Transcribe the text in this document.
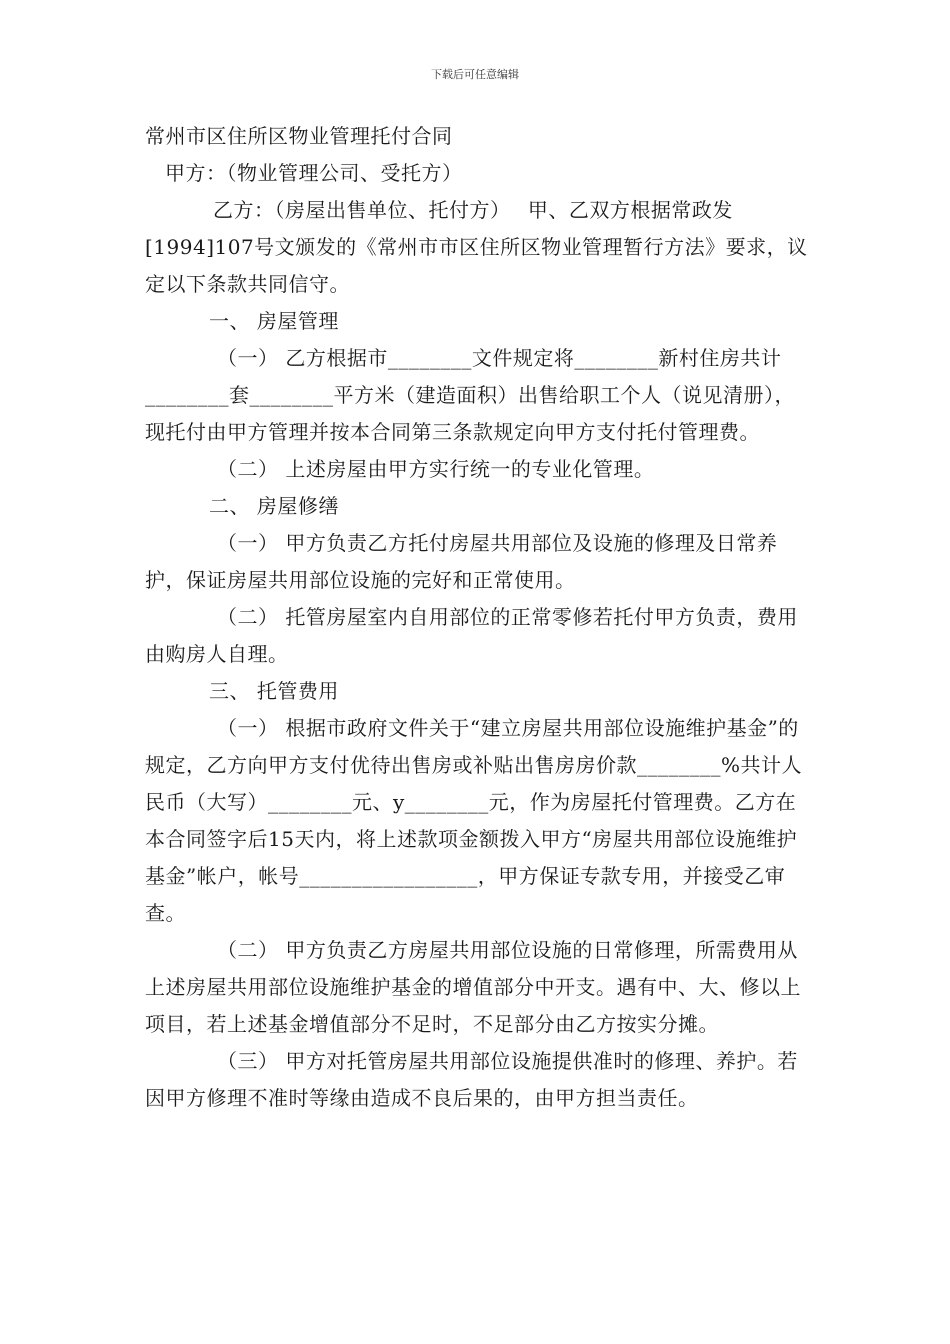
下载后可任意编辑

常州市区住所区物业管理托付合同

甲方：（物业管理公司、受托方）

乙方：（房屋出售单位、托付方）　 甲、乙双方根据常政发[1994]107号文颁发的《常州市市区住所区物业管理暂行方法》要求，议定以下条款共同信守。

一、 房屋管理

（一） 乙方根据市________文件规定将________新村住房共计________套________平方米（建造面积）出售给职工个人（说见清册），现托付由甲方管理并按本合同第三条款规定向甲方支付托付管理费。

（二） 上述房屋由甲方实行统一的专业化管理。

二、 房屋修缮

（一） 甲方负责乙方托付房屋共用部位及设施的修理及日常养护，保证房屋共用部位设施的完好和正常使用。

（二） 托管房屋室内自用部位的正常零修若托付甲方负责，费用由购房人自理。

三、 托管费用

（一） 根据市政府文件关于“建立房屋共用部位设施维护基金”的规定，乙方向甲方支付优待出售房或补贴出售房房价款________%共计人民币（大写）________元、y________元，作为房屋托付管理费。乙方在本合同签字后15天内，将上述款项金额拨入甲方“房屋共用部位设施维护基金”帐户，帐号_________________，甲方保证专款专用，并接受乙审查。

（二） 甲方负责乙方房屋共用部位设施的日常修理，所需费用从上述房屋共用部位设施维护基金的增值部分中开支。遇有中、大、修以上项目，若上述基金增值部分不足时，不足部分由乙方按实分摊。

（三） 甲方对托管房屋共用部位设施提供准时的修理、养护。若因甲方修理不准时等缘由造成不良后果的，由甲方担当责任。
